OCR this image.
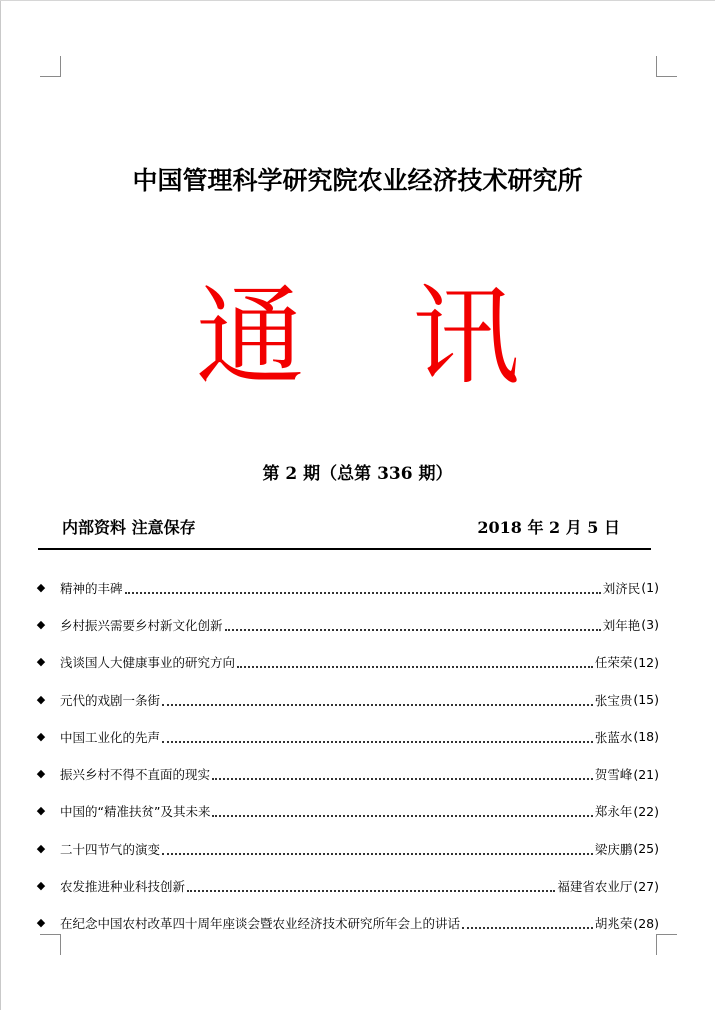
中国管理科学研究院农业经济技术研究所
通 讯
第 2 期（总第 336 期）
内部资料 注意保存	2018 年 2 月 5 日
◆ 精神的丰碑	刘济民 (1)
◆ 乡村振兴需要乡村新文化创新	刘年艳 (3)
◆ 浅谈国人大健康事业的研究方向	任荣荣 (12)
◆ 元代的戏剧一条街	张宝贵 (15)
◆ 中国工业化的先声	张蓝水 (18)
◆ 振兴乡村不得不直面的现实	贺雪峰 (21)
◆ 中国的“精准扶贫”及其未来	郑永年 (22)
◆ 二十四节气的演变	梁庆鹏 (25)
◆ 农发推进种业科技创新	福建省农业厅 (27)
◆ 在纪念中国农村改革四十周年座谈会暨农业经济技术研究所年会上的讲话	胡兆荣 (28)
